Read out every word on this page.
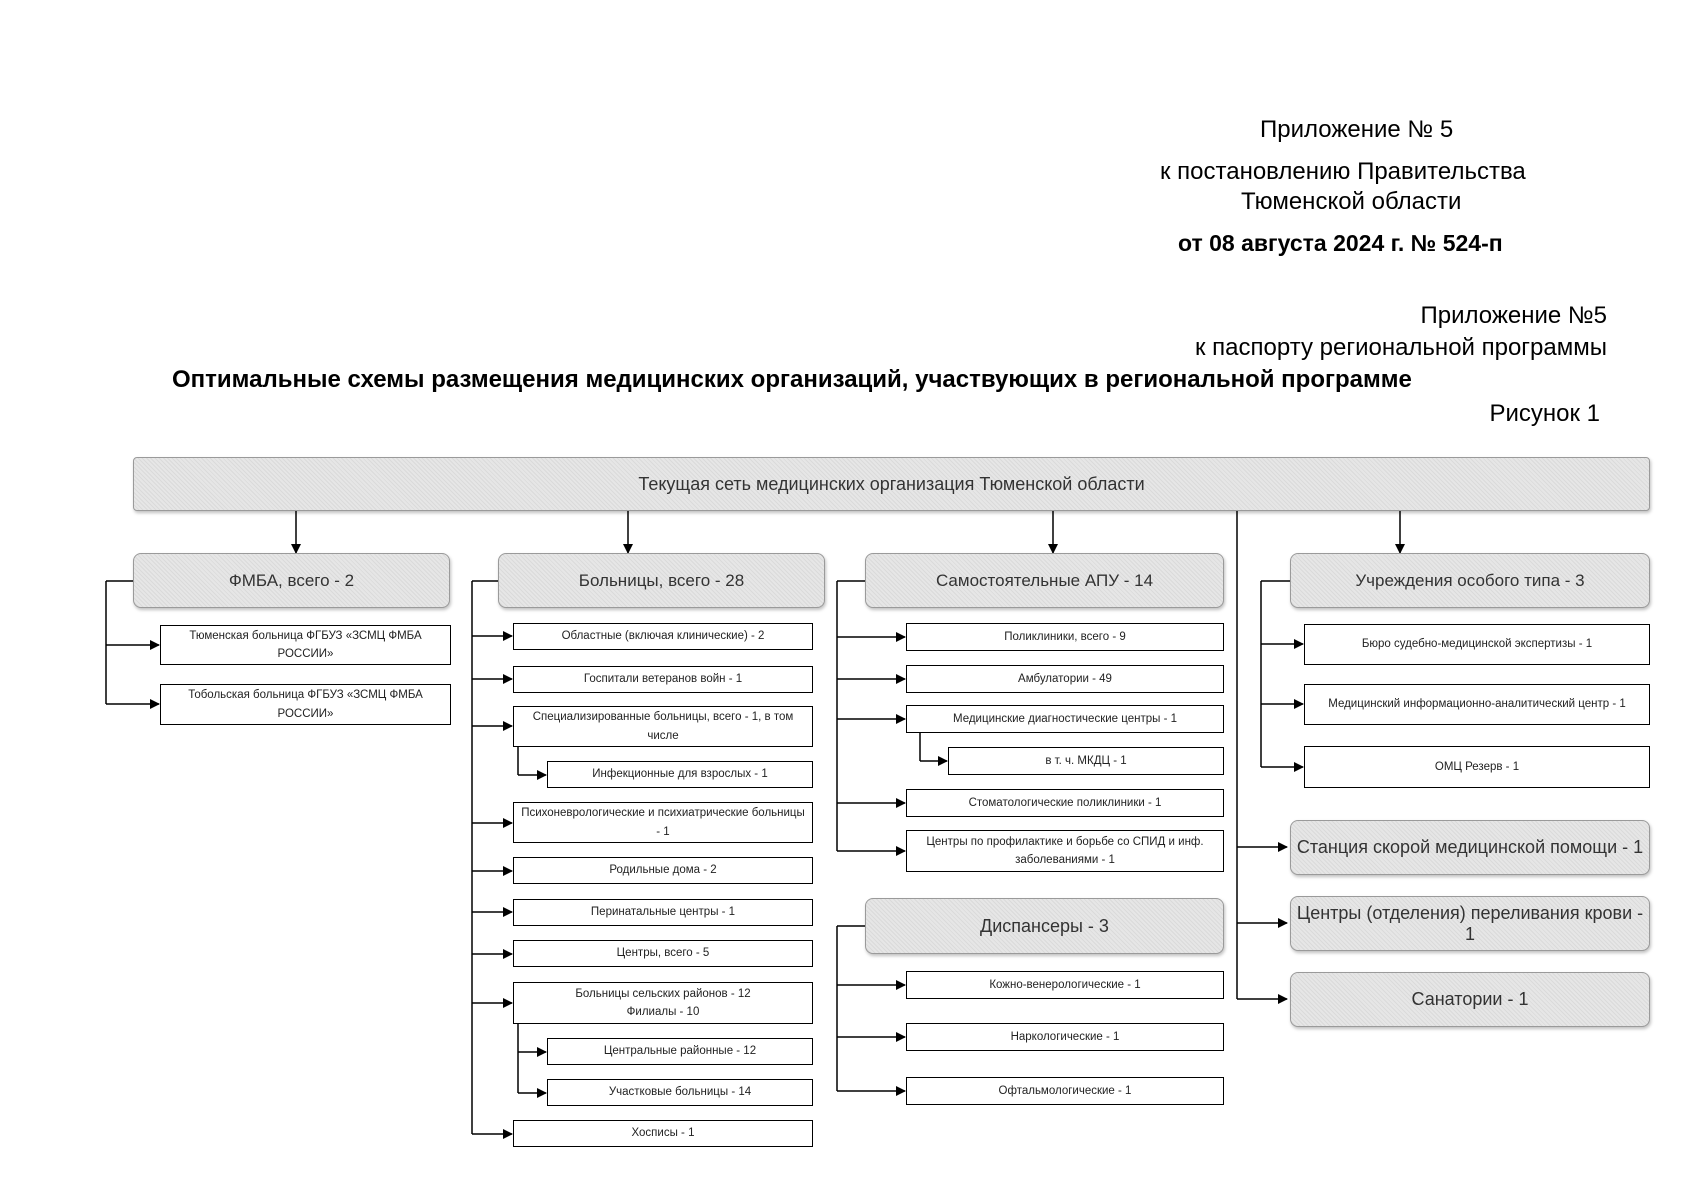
Приложение № 5
к постановлению Правительства
Тюменской области
от 08 августа 2024 г. № 524-п
Приложение №5
к паспорту региональной программы
Оптимальные схемы размещения медицинских организаций, участвующих в региональной программе
Рисунок 1
Текущая сеть медицинских организация Тюменской области
ФМБА, всего - 2
Тюменская больница ФГБУЗ «ЗСМЦ ФМБА РОССИИ»
Тобольская больница ФГБУЗ «ЗСМЦ ФМБА РОССИИ»
Больницы, всего - 28
Областные (включая клинические) - 2
Госпитали ветеранов войн - 1
Специализированные больницы, всего - 1, в том числе
Инфекционные для взрослых - 1
Психоневрологические и психиатрические больницы - 1
Родильные дома - 2
Перинатальные центры - 1
Центры, всего - 5
Больницы сельских районов - 12 Филиалы - 10
Центральные районные - 12
Участковые больницы - 14
Хосписы - 1
Самостоятельные АПУ - 14
Поликлиники, всего - 9
Амбулатории - 49
Медицинские диагностические центры - 1
в т. ч. МКДЦ - 1
Стоматологические поликлиники - 1
Центры по профилактике и борьбе со СПИД и инф. заболеваниями - 1
Диспансеры - 3
Кожно-венерологические - 1
Наркологические - 1
Офтальмологические - 1
Учреждения особого типа - 3
Бюро судебно-медицинской экспертизы - 1
Медицинский информационно-аналитический центр - 1
ОМЦ Резерв - 1
Станция скорой медицинской помощи - 1
Центры (отделения) переливания крови - 1
Санатории - 1
